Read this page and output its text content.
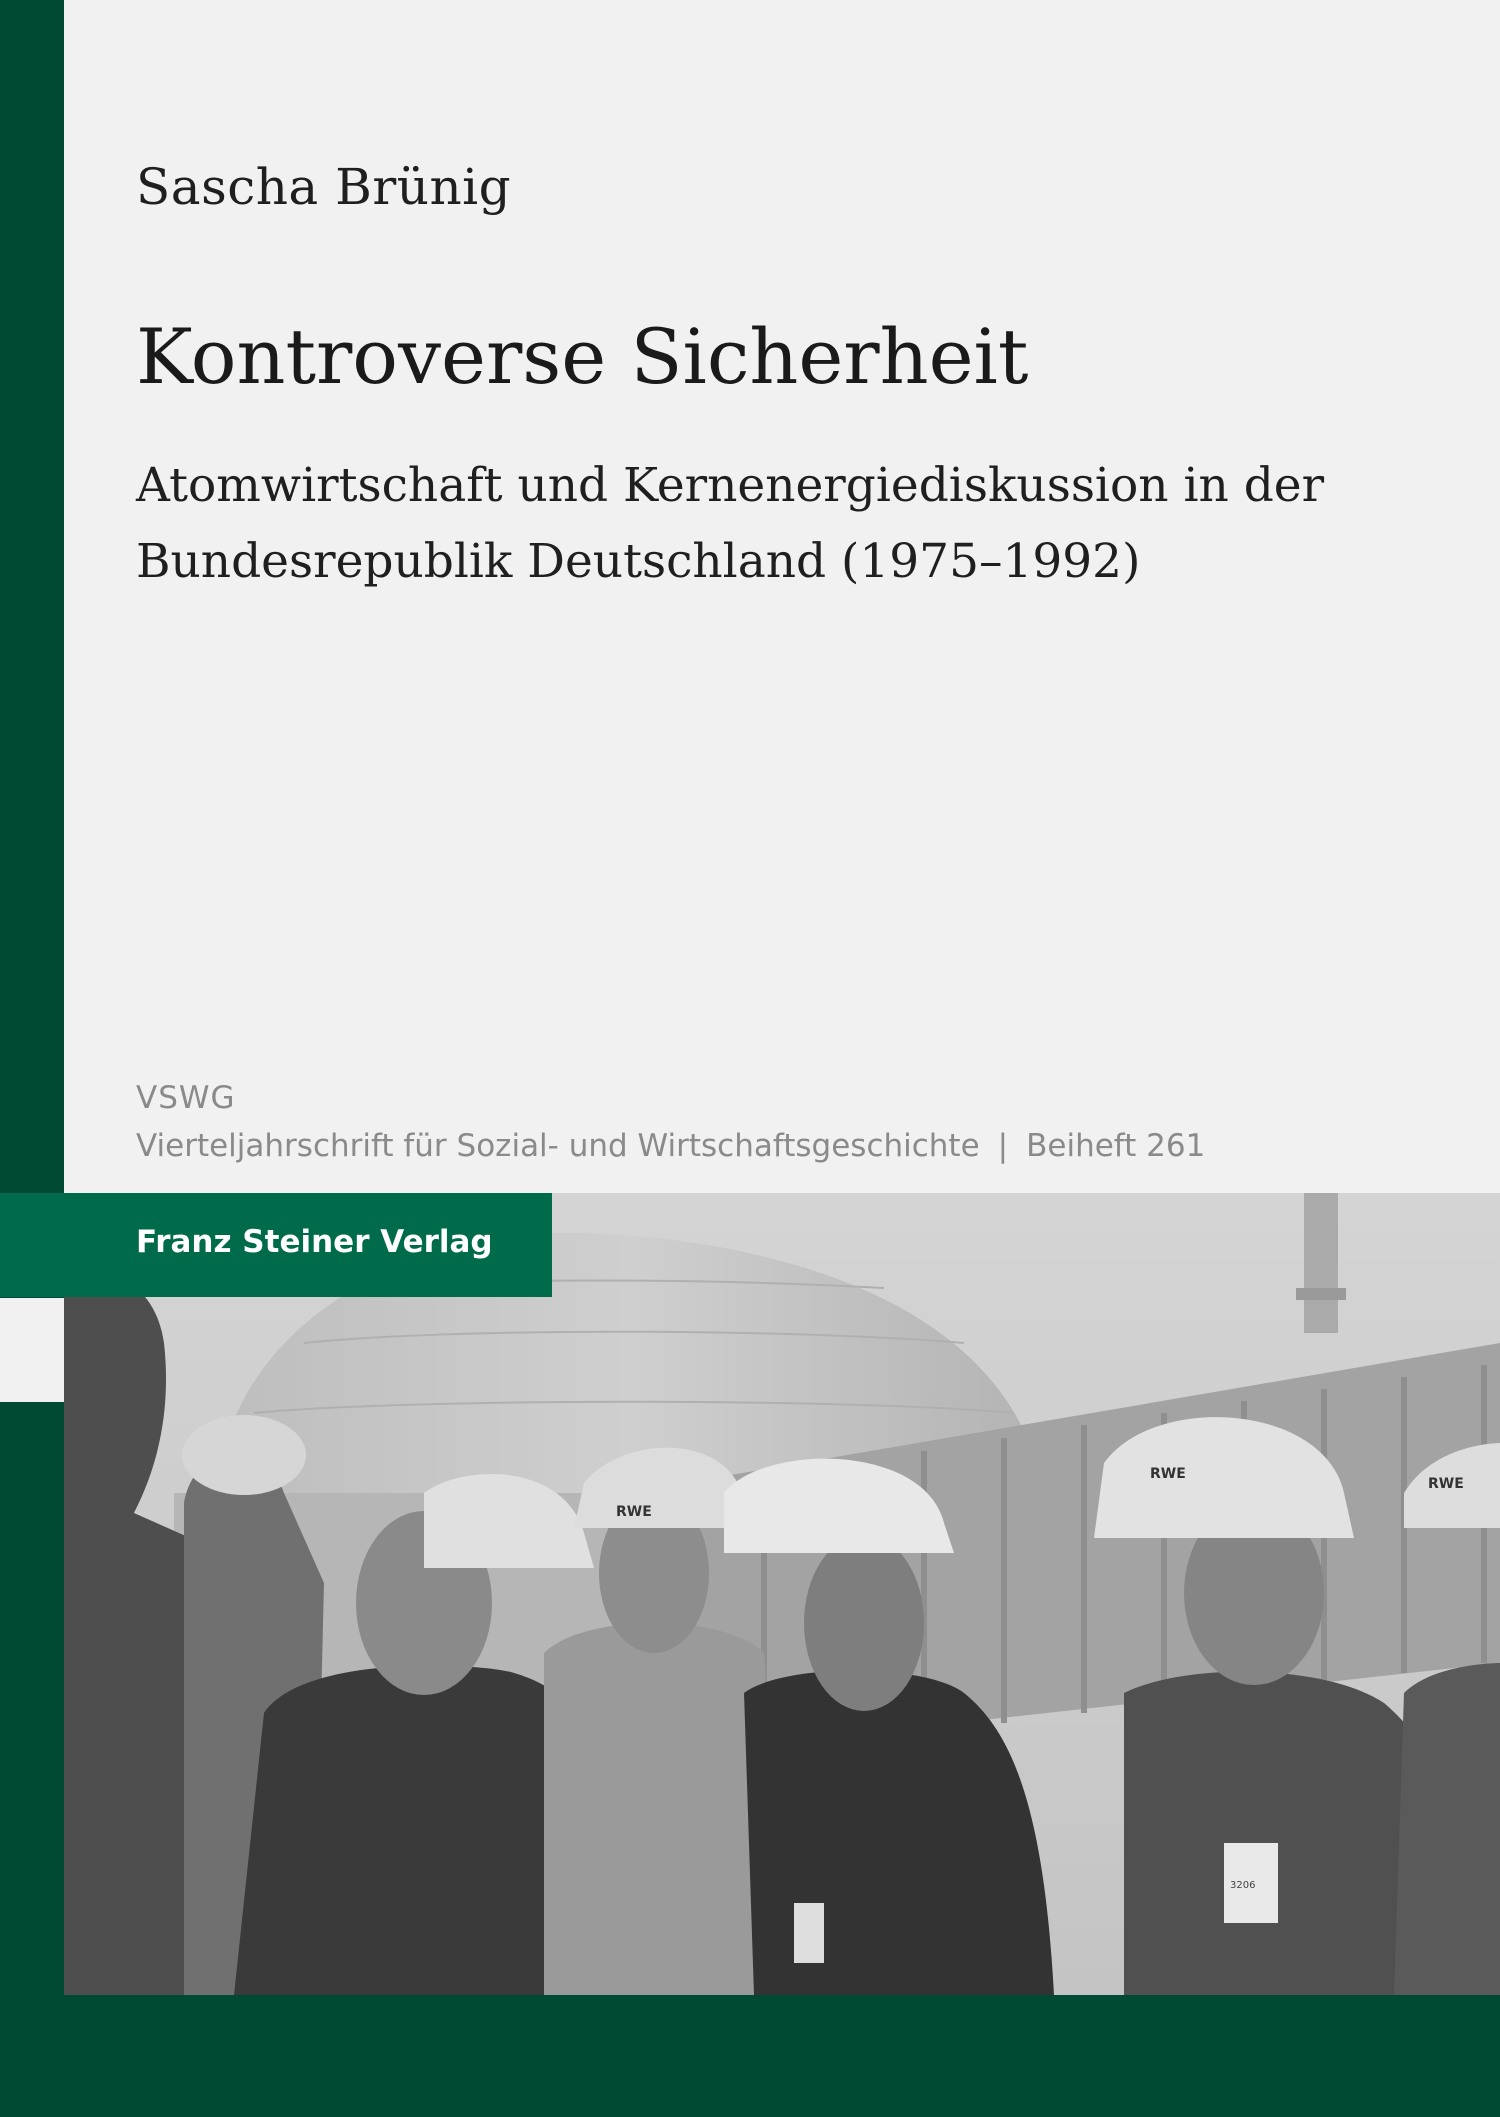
Sascha Brünig
Kontroverse Sicherheit
Atomwirtschaft und Kernenergiediskussion in der
Bundesrepublik Deutschland (1975–1992)
VSWG
Vierteljahrschrift für Sozial- und Wirtschaftsgeschichte | Beiheft 261
RWE
RWE
RWE
3206
Franz Steiner Verlag
